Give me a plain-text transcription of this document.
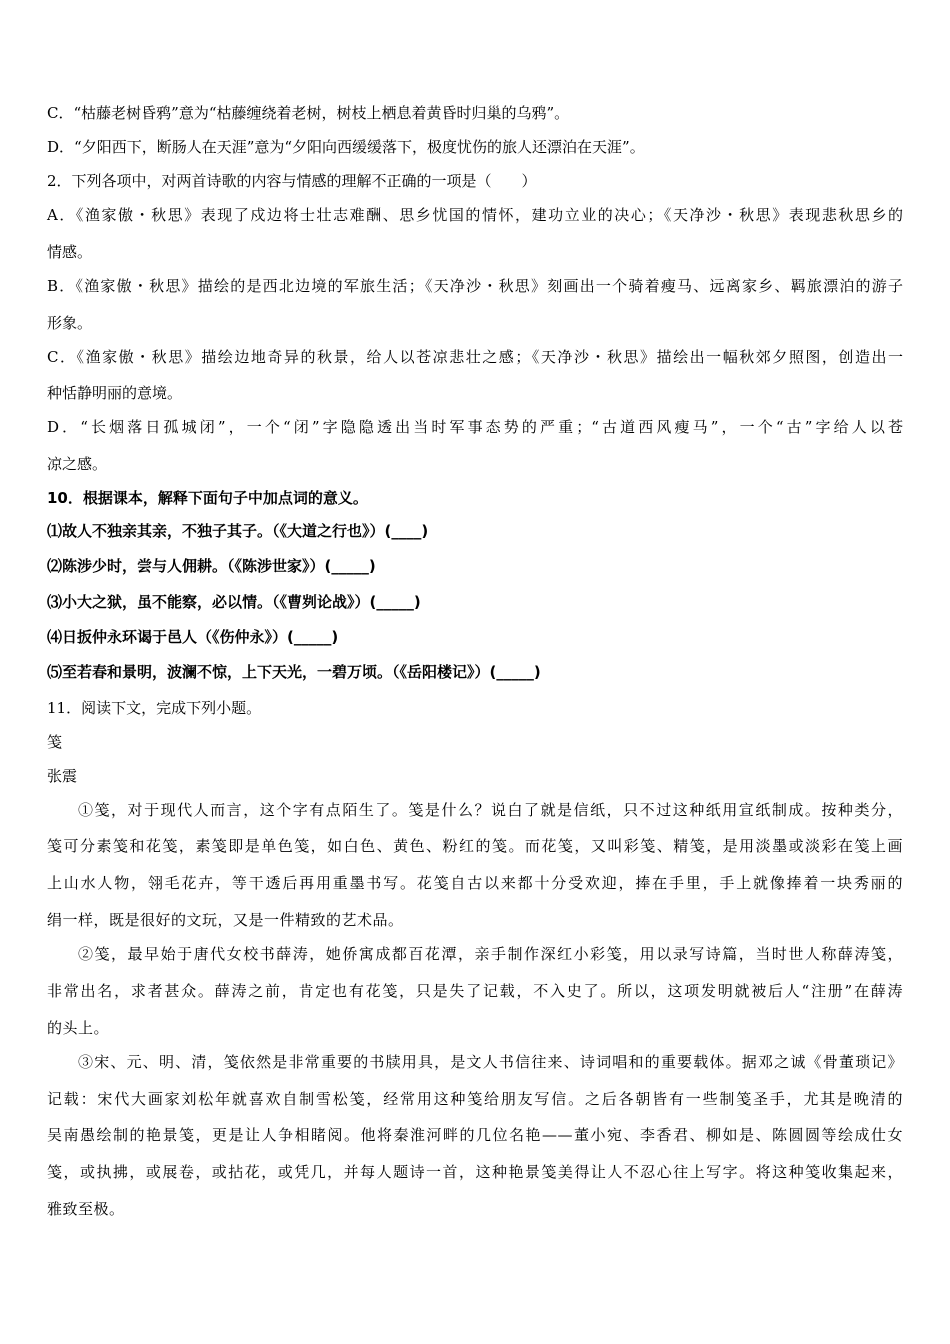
C．“枯藤老树昏鸦”意为“枯藤缠绕着老树，树枝上栖息着黄昏时归巢的乌鸦”。
D．“夕阳西下，断肠人在天涯”意为“夕阳向西缓缓落下，极度忧伤的旅人还漂泊在天涯”。
2．下列各项中，对两首诗歌的内容与情感的理解不正确的一项是（　　）
A．《渔家傲・秋思》表现了戍边将士壮志难酬、思乡忧国的情怀，建功立业的决心；《天净沙・秋思》表现悲秋思乡的
情感。
B．《渔家傲・秋思》描绘的是西北边境的军旅生活；《天净沙・秋思》刻画出一个骑着瘦马、远离家乡、羁旅漂泊的游子
形象。
C．《渔家傲・秋思》描绘边地奇异的秋景，给人以苍凉悲壮之感；《天净沙・秋思》描绘出一幅秋郊夕照图，创造出一
种恬静明丽的意境。
D．“长烟落日孤城闭”，一个“闭”字隐隐透出当时军事态势的严重；“古道西风瘦马”，一个“古”字给人以苍
凉之感。
10．根据课本，解释下面句子中加点词的意义。
⑴故人不独亲其亲，不独子其子。（《大道之行也》）(____)
⑵陈涉少时，尝与人佣耕。（《陈涉世家》）(_____)
⑶小大之狱，虽不能察，必以情。（《曹刿论战》）(_____)
⑷日扳仲永环谒于邑人（《伤仲永》）(_____)
⑸至若春和景明，波澜不惊，上下天光，一碧万顷。（《岳阳楼记》）(_____)
11．阅读下文，完成下列小题。
笺
张震
①笺，对于现代人而言，这个字有点陌生了。笺是什么？说白了就是信纸，只不过这种纸用宣纸制成。按种类分，
笺可分素笺和花笺，素笺即是单色笺，如白色、黄色、粉红的笺。而花笺，又叫彩笺、精笺，是用淡墨或淡彩在笺上画
上山水人物，翎毛花卉，等干透后再用重墨书写。花笺自古以来都十分受欢迎，捧在手里，手上就像捧着一块秀丽的
绢一样，既是很好的文玩，又是一件精致的艺术品。
②笺，最早始于唐代女校书薛涛，她侨寓成都百花潭，亲手制作深红小彩笺，用以录写诗篇，当时世人称薛涛笺，
非常出名，求者甚众。薛涛之前，肯定也有花笺，只是失了记载，不入史了。所以，这项发明就被后人“注册”在薛涛
的头上。
③宋、元、明、清，笺依然是非常重要的书牍用具，是文人书信往来、诗词唱和的重要载体。据邓之诚《骨董琐记》
记载：宋代大画家刘松年就喜欢自制雪松笺，经常用这种笺给朋友写信。之后各朝皆有一些制笺圣手，尤其是晚清的
吴南愚绘制的艳景笺，更是让人争相睹阅。他将秦淮河畔的几位名艳——董小宛、李香君、柳如是、陈圆圆等绘成仕女
笺，或执拂，或展卷，或拈花，或凭几，并每人题诗一首，这种艳景笺美得让人不忍心往上写字。将这种笺收集起来，
雅致至极。
